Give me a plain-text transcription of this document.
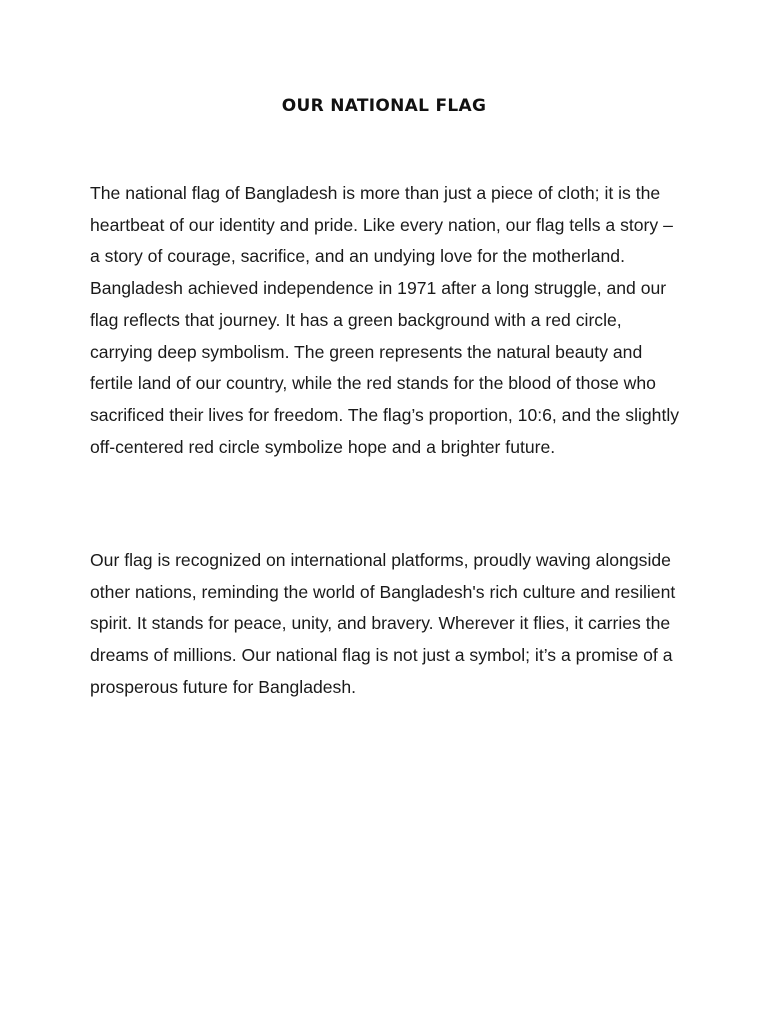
OUR NATIONAL FLAG

The national flag of Bangladesh is more than just a piece of cloth; it is the heartbeat of our identity and pride. Like every nation, our flag tells a story – a story of courage, sacrifice, and an undying love for the motherland. Bangladesh achieved independence in 1971 after a long struggle, and our flag reflects that journey. It has a green background with a red circle, carrying deep symbolism. The green represents the natural beauty and fertile land of our country, while the red stands for the blood of those who sacrificed their lives for freedom. The flag’s proportion, 10:6, and the slightly off-centered red circle symbolize hope and a brighter future.

Our flag is recognized on international platforms, proudly waving alongside other nations, reminding the world of Bangladesh's rich culture and resilient spirit. It stands for peace, unity, and bravery. Wherever it flies, it carries the dreams of millions. Our national flag is not just a symbol; it’s a promise of a prosperous future for Bangladesh.
